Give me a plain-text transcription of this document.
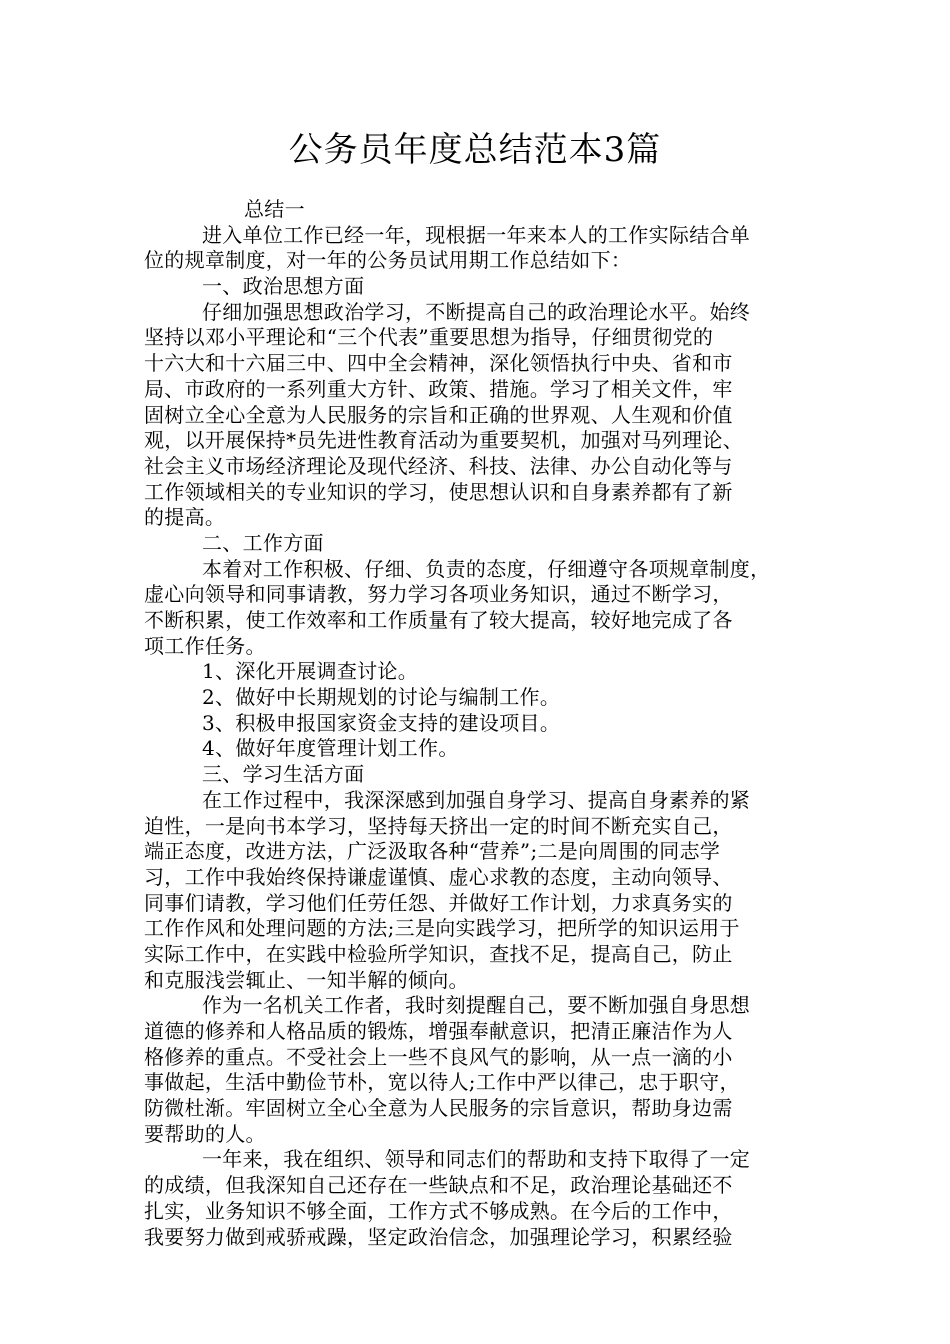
公务员年度总结范本3篇
总结一
进入单位工作已经一年，现根据一年来本人的工作实际结合单
位的规章制度，对一年的公务员试用期工作总结如下：
一、政治思想方面
仔细加强思想政治学习，不断提高自己的政治理论水平。始终
坚持以邓小平理论和“三个代表”重要思想为指导，仔细贯彻党的
十六大和十六届三中、四中全会精神，深化领悟执行中央、省和市
局、市政府的一系列重大方针、政策、措施。学习了相关文件，牢
固树立全心全意为人民服务的宗旨和正确的世界观、人生观和价值
观，以开展保持*员先进性教育活动为重要契机，加强对马列理论、
社会主义市场经济理论及现代经济、科技、法律、办公自动化等与
工作领域相关的专业知识的学习，使思想认识和自身素养都有了新
的提高。
二、工作方面
本着对工作积极、仔细、负责的态度，仔细遵守各项规章制度，
虚心向领导和同事请教，努力学习各项业务知识，通过不断学习，
不断积累，使工作效率和工作质量有了较大提高，较好地完成了各
项工作任务。
1、深化开展调查讨论。
2、做好中长期规划的讨论与编制工作。
3、积极申报国家资金支持的建设项目。
4、做好年度管理计划工作。
三、学习生活方面
在工作过程中，我深深感到加强自身学习、提高自身素养的紧
迫性，一是向书本学习，坚持每天挤出一定的时间不断充实自己，
端正态度，改进方法，广泛汲取各种“营养”;二是向周围的同志学
习，工作中我始终保持谦虚谨慎、虚心求教的态度，主动向领导、
同事们请教，学习他们任劳任怨、并做好工作计划，力求真务实的
工作作风和处理问题的方法;三是向实践学习，把所学的知识运用于
实际工作中，在实践中检验所学知识，查找不足，提高自己，防止
和克服浅尝辄止、一知半解的倾向。
作为一名机关工作者，我时刻提醒自己，要不断加强自身思想
道德的修养和人格品质的锻炼，增强奉献意识，把清正廉洁作为人
格修养的重点。不受社会上一些不良风气的影响，从一点一滴的小
事做起，生活中勤俭节朴，宽以待人;工作中严以律己，忠于职守，
防微杜渐。牢固树立全心全意为人民服务的宗旨意识，帮助身边需
要帮助的人。
一年来，我在组织、领导和同志们的帮助和支持下取得了一定
的成绩，但我深知自己还存在一些缺点和不足，政治理论基础还不
扎实，业务知识不够全面，工作方式不够成熟。在今后的工作中，
我要努力做到戒骄戒躁，坚定政治信念，加强理论学习，积累经验
